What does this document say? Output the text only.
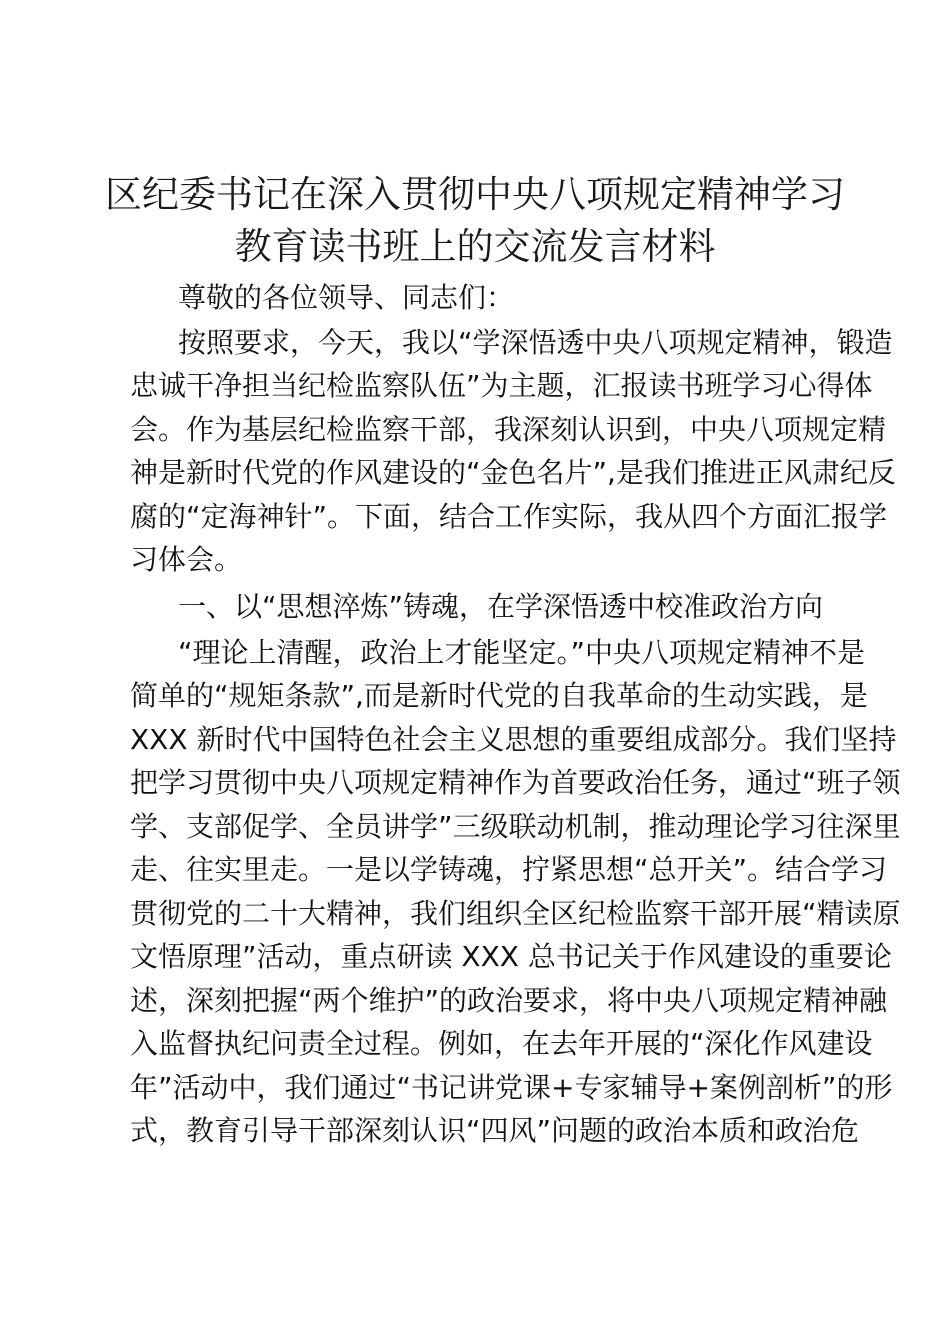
区纪委书记在深入贯彻中央八项规定精神学习
教育读书班上的交流发言材料
尊敬的各位领导、同志们：
按照要求，今天，我以“学深悟透中央八项规定精神，锻造
忠诚干净担当纪检监察队伍”为主题，汇报读书班学习心得体
会。作为基层纪检监察干部，我深刻认识到，中央八项规定精
神是新时代党的作风建设的“金色名片”,是我们推进正风肃纪反
腐的“定海神针”。下面，结合工作实际，我从四个方面汇报学
习体会。
一、以“思想淬炼”铸魂，在学深悟透中校准政治方向
“理论上清醒，政治上才能坚定。”中央八项规定精神不是
简单的“规矩条款”,而是新时代党的自我革命的生动实践，是
XXX 新时代中国特色社会主义思想的重要组成部分。我们坚持
把学习贯彻中央八项规定精神作为首要政治任务，通过“班子领
学、支部促学、全员讲学”三级联动机制，推动理论学习往深里
走、往实里走。一是以学铸魂，拧紧思想“总开关”。结合学习
贯彻党的二十大精神，我们组织全区纪检监察干部开展“精读原
文悟原理”活动，重点研读 XXX 总书记关于作风建设的重要论
述，深刻把握“两个维护”的政治要求，将中央八项规定精神融
入监督执纪问责全过程。例如，在去年开展的“深化作风建设
年”活动中，我们通过“书记讲党课+专家辅导+案例剖析”的形
式，教育引导干部深刻认识“四风”问题的政治本质和政治危
